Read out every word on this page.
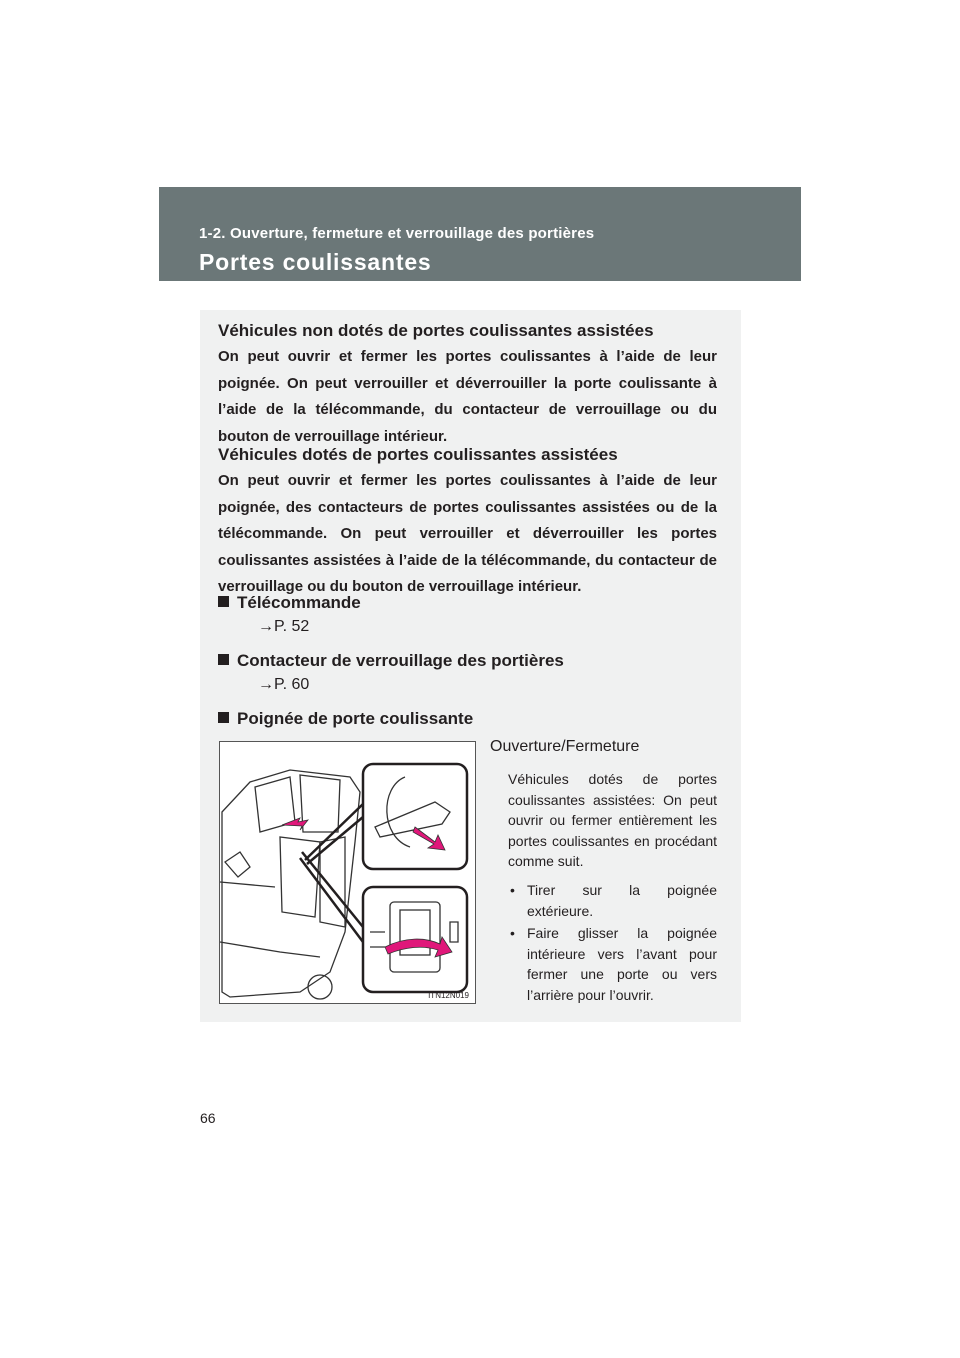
1-2. Ouverture, fermeture et verrouillage des portières
Portes coulissantes
Véhicules non dotés de portes coulissantes assistées
On peut ouvrir et fermer les portes coulissantes à l’aide de leur poignée. On peut verrouiller et déverrouiller la porte coulissante à l’aide de la télécommande, du contacteur de verrouillage ou du bouton de verrouillage intérieur.
Véhicules dotés de portes coulissantes assistées
On peut ouvrir et fermer les portes coulissantes à l’aide de leur poignée, des contacteurs de portes coulissantes assistées ou de la télécommande. On peut verrouiller et déverrouiller les portes coulissantes assistées à l’aide de la télécommande, du contacteur de verrouillage ou du bouton de verrouillage intérieur.
Télécommande
→P. 52
Contacteur de verrouillage des portières
→P. 60
Poignée de porte coulissante
ITN12N019
Ouverture/Fermeture
Véhicules dotés de portes coulissantes assistées: On peut ouvrir ou fermer entièrement les portes coulissantes en procédant comme suit.
• Tirer sur la poignée extérieure.
• Faire glisser la poignée intérieure vers l’avant pour fermer une porte ou vers l’arrière pour l’ouvrir.
66
